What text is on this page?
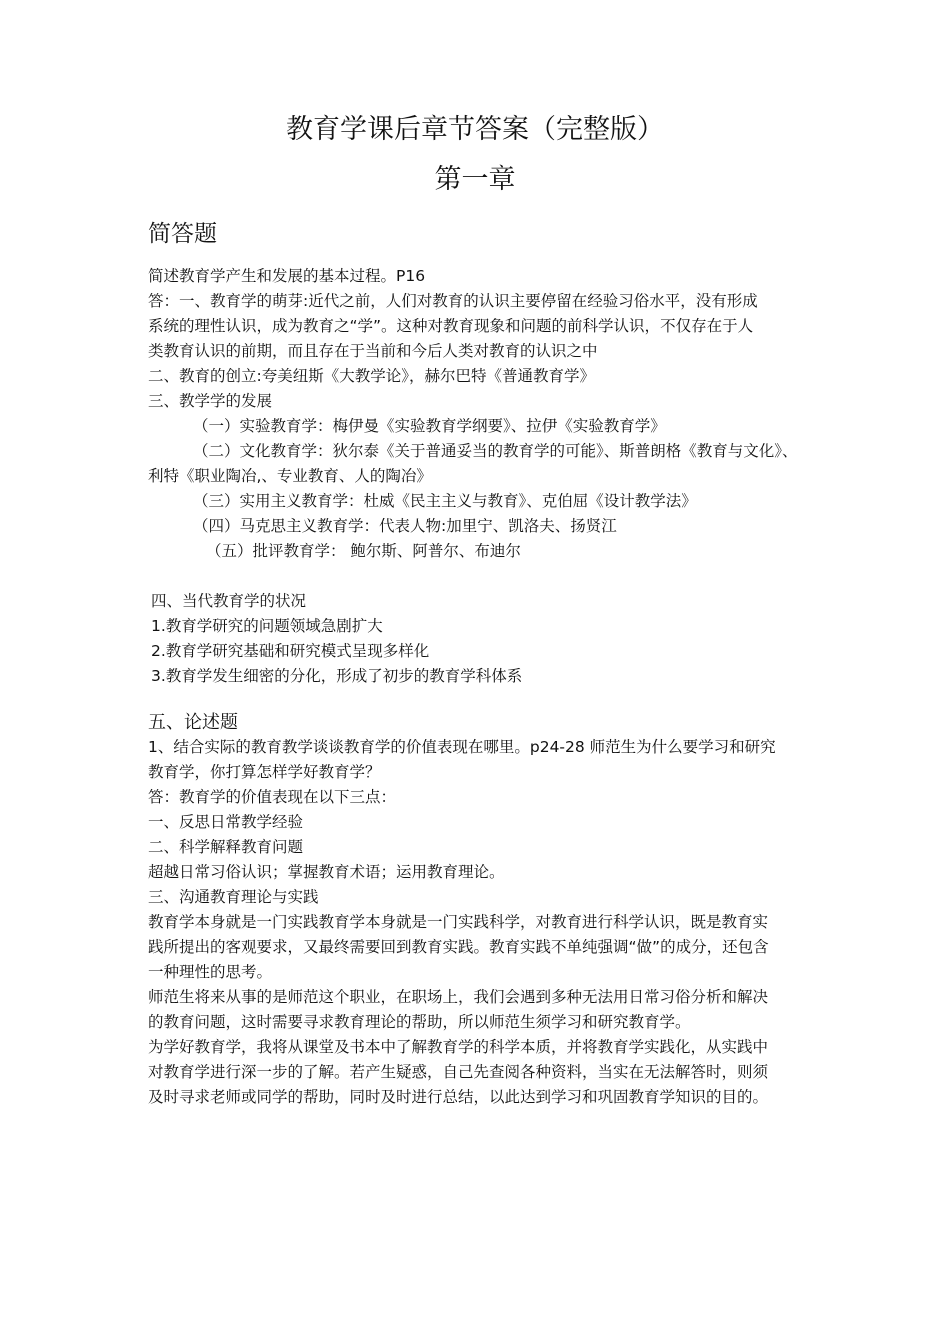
教育学课后章节答案（完整版）
第一章
简答题
简述教育学产生和发展的基本过程。P16
答：一、教育学的萌芽:近代之前，人们对教育的认识主要停留在经验习俗水平，没有形成
系统的理性认识，成为教育之“学”。这种对教育现象和问题的前科学认识，不仅存在于人
类教育认识的前期，而且存在于当前和今后人类对教育的认识之中
二、教育的创立:夸美纽斯《大教学论》，赫尔巴特《普通教育学》
三、教学学的发展
（一）实验教育学：梅伊曼《实验教育学纲要》、拉伊《实验教育学》
（二）文化教育学：狄尔泰《关于普通妥当的教育学的可能》、斯普朗格《教育与文化》、
利特《职业陶冶,、专业教育、人的陶冶》
（三）实用主义教育学：杜威《民主主义与教育》、克伯屈《设计教学法》
（四）马克思主义教育学：代表人物:加里宁、凯洛夫、扬贤江
（五）批评教育学： 鲍尔斯、阿普尔、布迪尔
四、当代教育学的状况
1.教育学研究的问题领域急剧扩大
2.教育学研究基础和研究模式呈现多样化
3.教育学发生细密的分化，形成了初步的教育学科体系
五、论述题
1、结合实际的教育教学谈谈教育学的价值表现在哪里。p24-28 师范生为什么要学习和研究
教育学，你打算怎样学好教育学？
答：教育学的价值表现在以下三点：
一、反思日常教学经验
二、科学解释教育问题
超越日常习俗认识；掌握教育术语；运用教育理论。
三、沟通教育理论与实践
教育学本身就是一门实践教育学本身就是一门实践科学，对教育进行科学认识，既是教育实
践所提出的客观要求，又最终需要回到教育实践。教育实践不单纯强调“做”的成分，还包含
一种理性的思考。
师范生将来从事的是师范这个职业，在职场上，我们会遇到多种无法用日常习俗分析和解决
的教育问题，这时需要寻求教育理论的帮助，所以师范生须学习和研究教育学。
为学好教育学，我将从课堂及书本中了解教育学的科学本质，并将教育学实践化，从实践中
对教育学进行深一步的了解。若产生疑惑，自己先查阅各种资料，当实在无法解答时，则须
及时寻求老师或同学的帮助，同时及时进行总结，以此达到学习和巩固教育学知识的目的。
